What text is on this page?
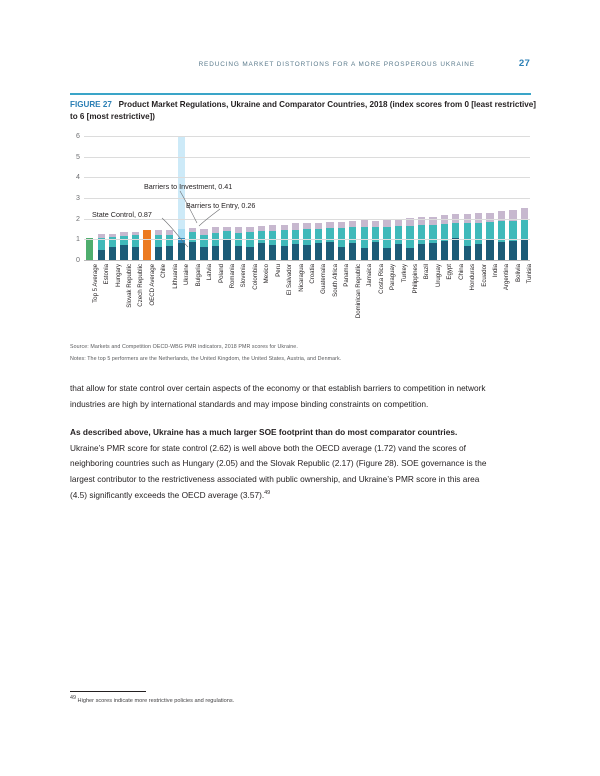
REDUCING MARKET DISTORTIONS FOR A MORE PROSPEROUS UKRAINE	27
FIGURE 27 Product Market Regulations, Ukraine and Comparator Countries, 2018 (index scores from 0 [least restrictive] to 6 [most restrictive])
0
1
2
3
4
5
6
Top 5 Average Estonia Hungary Slovak Republic Czech Republic OECD Average Chile Lithuania Ukraine Bulgaria Latvia Poland Romania Slovenia Colombia Mexico Peru El Salvador Nicaragua Croatia Guatemala South Africa Panama Dominican Republic Jamaica Costa Rica Paraguay Turkey Philippines Brazil Uruguay Egypt China Honduras Ecuador India Argentina Bolivia Tunisia
State Control, 0.87
Barriers to Investment, 0.41
Barriers to Entry, 0.26
Source: Markets and Competition OECD-WBG PMR indicators, 2018 PMR scores for Ukraine.
Notes: The top 5 performers are the Netherlands, the United Kingdom, the United States, Austria, and Denmark.

that allow for state control over certain aspects of the economy or that establish barriers to competition in network industries are high by international standards and may impose binding constraints on competition.

As described above, Ukraine has a much larger SOE footprint than do most comparator countries. Ukraine’s PMR score for state control (2.62) is well above both the OECD average (1.72) vand the scores of neighboring countries such as Hungary (2.05) and the Slovak Republic (2.17) (Figure 28). SOE governance is the largest contributor to the restrictiveness associated with public ownership, and Ukraine’s PMR score in this area (4.5) significantly exceeds the OECD average (3.57).$^{49}$

$^{49}$ Higher scores indicate more restrictive policies and regulations.
